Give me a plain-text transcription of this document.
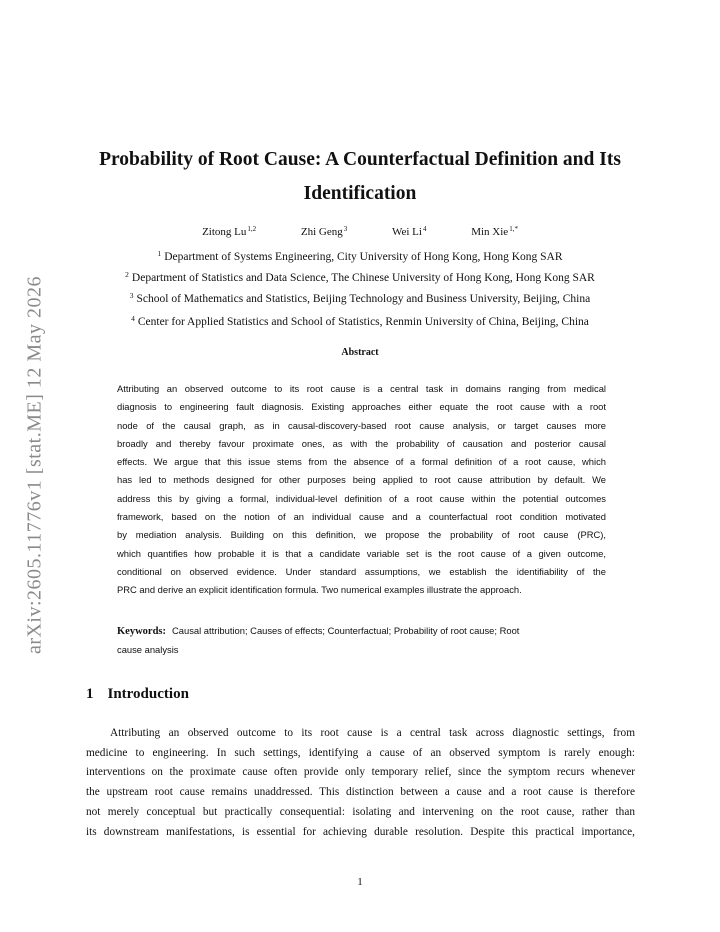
arXiv:2605.11776v1 [stat.ME] 12 May 2026
Probability of Root Cause: A Counterfactual Definition and Its
Identification
Zitong Lu$^{1,2}$	Zhi Geng$^3$	Wei Li$^4$	Min Xie$^{1,*}$
$^1$ Department of Systems Engineering, City University of Hong Kong, Hong Kong SAR
$^2$ Department of Statistics and Data Science, The Chinese University of Hong Kong, Hong Kong SAR
$^3$ School of Mathematics and Statistics, Beijing Technology and Business University, Beijing, China
$^4$ Center for Applied Statistics and School of Statistics, Renmin University of China, Beijing, China
Abstract
Attributing an observed outcome to its root cause is a central task in domains ranging from medical
diagnosis to engineering fault diagnosis. Existing approaches either equate the root cause with a root
node of the causal graph, as in causal-discovery-based root cause analysis, or target causes more
broadly and thereby favour proximate ones, as with the probability of causation and posterior causal
effects. We argue that this issue stems from the absence of a formal definition of a root cause, which
has led to methods designed for other purposes being applied to root cause attribution by default. We
address this by giving a formal, individual-level definition of a root cause within the potential outcomes
framework, based on the notion of an individual cause and a counterfactual root condition motivated
by mediation analysis. Building on this definition, we propose the probability of root cause (PRC),
which quantifies how probable it is that a candidate variable set is the root cause of a given outcome,
conditional on observed evidence. Under standard assumptions, we establish the identifiability of the
PRC and derive an explicit identification formula. Two numerical examples illustrate the approach.
Keywords: Causal attribution; Causes of effects; Counterfactual; Probability of root cause; Root
cause analysis
1 Introduction
Attributing an observed outcome to its root cause is a central task across diagnostic settings, from
medicine to engineering. In such settings, identifying a cause of an observed symptom is rarely enough:
interventions on the proximate cause often provide only temporary relief, since the symptom recurs whenever
the upstream root cause remains unaddressed. This distinction between a cause and a root cause is therefore
not merely conceptual but practically consequential: isolating and intervening on the root cause, rather than
its downstream manifestations, is essential for achieving durable resolution. Despite this practical importance,
1
